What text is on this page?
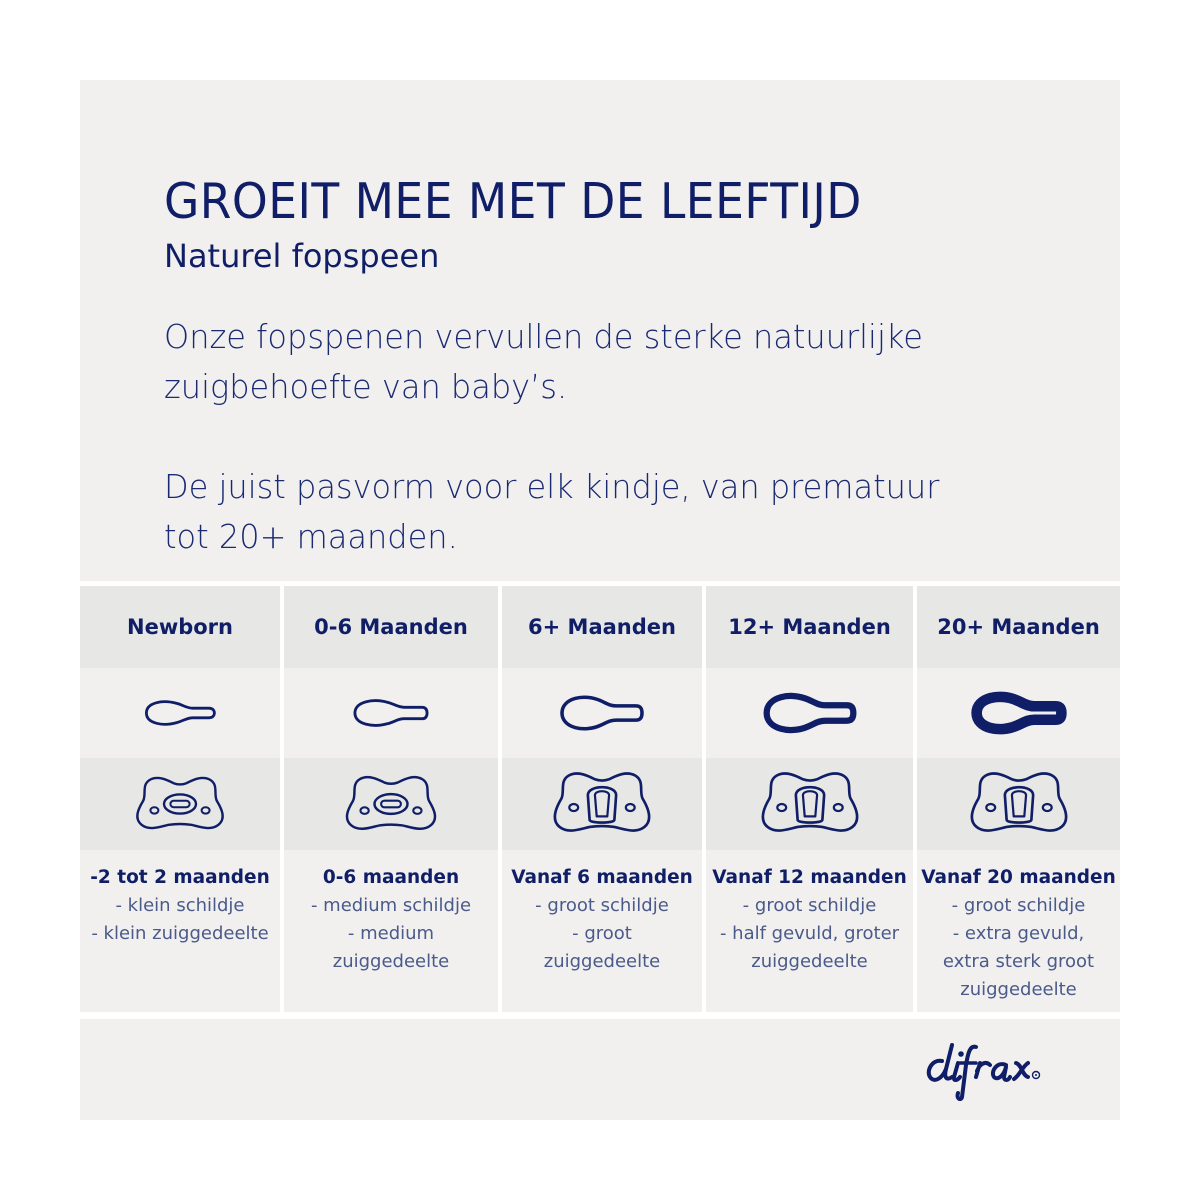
GROEIT MEE MET DE LEEFTIJD
Naturel fopspeen
Onze fopspenen vervullen de sterke natuurlijke
zuigbehoefte van baby’s.
De juist pasvorm voor elk kindje, van prematuur
tot 20+ maanden.
Newborn
-2 tot 2 maanden
- klein schildje
- klein zuiggedeelte
0-6 Maanden
0-6 maanden
- medium schildje
- medium
zuiggedeelte
6+ Maanden
Vanaf 6 maanden
- groot schildje
- groot
zuiggedeelte
12+ Maanden
Vanaf 12 maanden
- groot schildje
- half gevuld, groter
zuiggedeelte
20+ Maanden
Vanaf 20 maanden
- groot schildje
- extra gevuld,
extra sterk groot
zuiggedeelte
